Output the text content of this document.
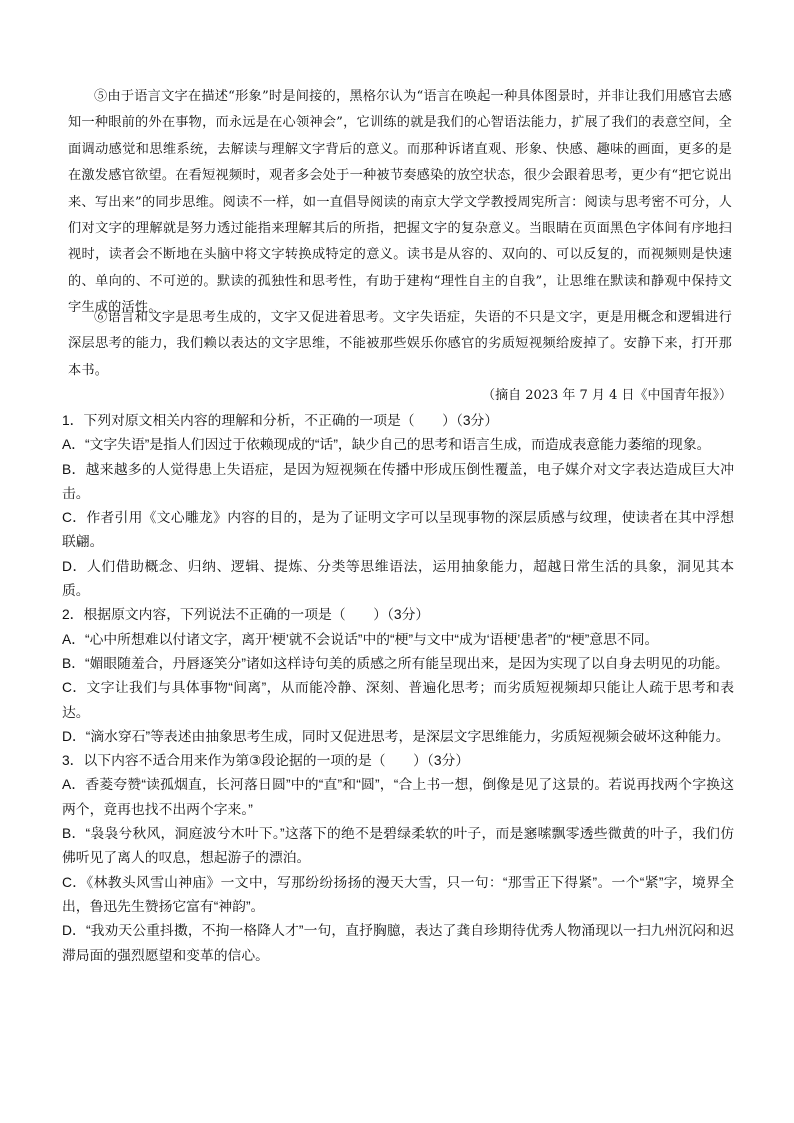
⑤由于语言文字在描述“形象”时是间接的，黑格尔认为“语言在唤起一种具体图景时，并非让我们用感官去感知一种眼前的外在事物，而永远是在心领神会”，它训练的就是我们的心智语法能力，扩展了我们的表意空间，全面调动感觉和思维系统，去解读与理解文字背后的意义。而那种诉诸直观、形象、快感、趣味的画面，更多的是在激发感官欲望。在看短视频时，观者多会处于一种被节奏感染的放空状态，很少会跟着思考，更少有“把它说出来、写出来”的同步思维。阅读不一样，如一直倡导阅读的南京大学文学教授周宪所言：阅读与思考密不可分，人们对文字的理解就是努力透过能指来理解其后的所指，把握文字的复杂意义。当眼睛在页面黑色字体间有序地扫视时，读者会不断地在头脑中将文字转换成特定的意义。读书是从容的、双向的、可以反复的，而视频则是快速的、单向的、不可逆的。默读的孤独性和思考性，有助于建构“理性自主的自我”，让思维在默读和静观中保持文字生成的活性。

⑥语言和文字是思考生成的，文字又促进着思考。文字失语症，失语的不只是文字，更是用概念和逻辑进行深层思考的能力，我们赖以表达的文字思维，不能被那些娱乐你感官的劣质短视频给废掉了。安静下来，打开那本书。

（摘自 2023 年 7 月 4 日《中国青年报》）

1．下列对原文相关内容的理解和分析，不正确的一项是（　　）（3分）

A．“文字失语”是指人们因过于依赖现成的“话”，缺少自己的思考和语言生成，而造成表意能力萎缩的现象。

B．越来越多的人觉得患上失语症，是因为短视频在传播中形成压倒性覆盖，电子媒介对文字表达造成巨大冲击。

C．作者引用《文心雕龙》内容的目的，是为了证明文字可以呈现事物的深层质感与纹理，使读者在其中浮想联翩。

D．人们借助概念、归纳、逻辑、提炼、分类等思维语法，运用抽象能力，超越日常生活的具象，洞见其本质。

2．根据原文内容，下列说法不正确的一项是（　　）（3分）

A．“心中所想难以付诸文字，离开‘梗’就不会说话”中的“梗”与文中“成为‘语梗’患者”的“梗”意思不同。

B．“媚眼随羞合，丹唇逐笑分”诸如这样诗句美的质感之所有能呈现出来，是因为实现了以自身去明见的功能。

C．文字让我们与具体事物“间离”，从而能冷静、深刻、普遍化思考；而劣质短视频却只能让人疏于思考和表达。

D．“滴水穿石”等表述由抽象思考生成，同时又促进思考，是深层文字思维能力，劣质短视频会破坏这种能力。

3．以下内容不适合用来作为第③段论据的一项的是（　　）（3分）

A．香菱夸赞“读孤烟直，长河落日圆”中的“直”和“圆”，“合上书一想，倒像是见了这景的。若说再找两个字换这两个，竟再也找不出两个字来。”

B．“袅袅兮秋风，洞庭波兮木叶下。”这落下的绝不是碧绿柔软的叶子，而是窸嗦飘零透些微黄的叶子，我们仿佛听见了离人的叹息，想起游子的漂泊。

C．《林教头风雪山神庙》一文中，写那纷纷扬扬的漫天大雪，只一句：“那雪正下得紧”。一个“紧”字，境界全出，鲁迅先生赞扬它富有“神韵”。

D．“我劝天公重抖擞，不拘一格降人才”一句，直抒胸臆，表达了龚自珍期待优秀人物涌现以一扫九州沉闷和迟滞局面的强烈愿望和变革的信心。
